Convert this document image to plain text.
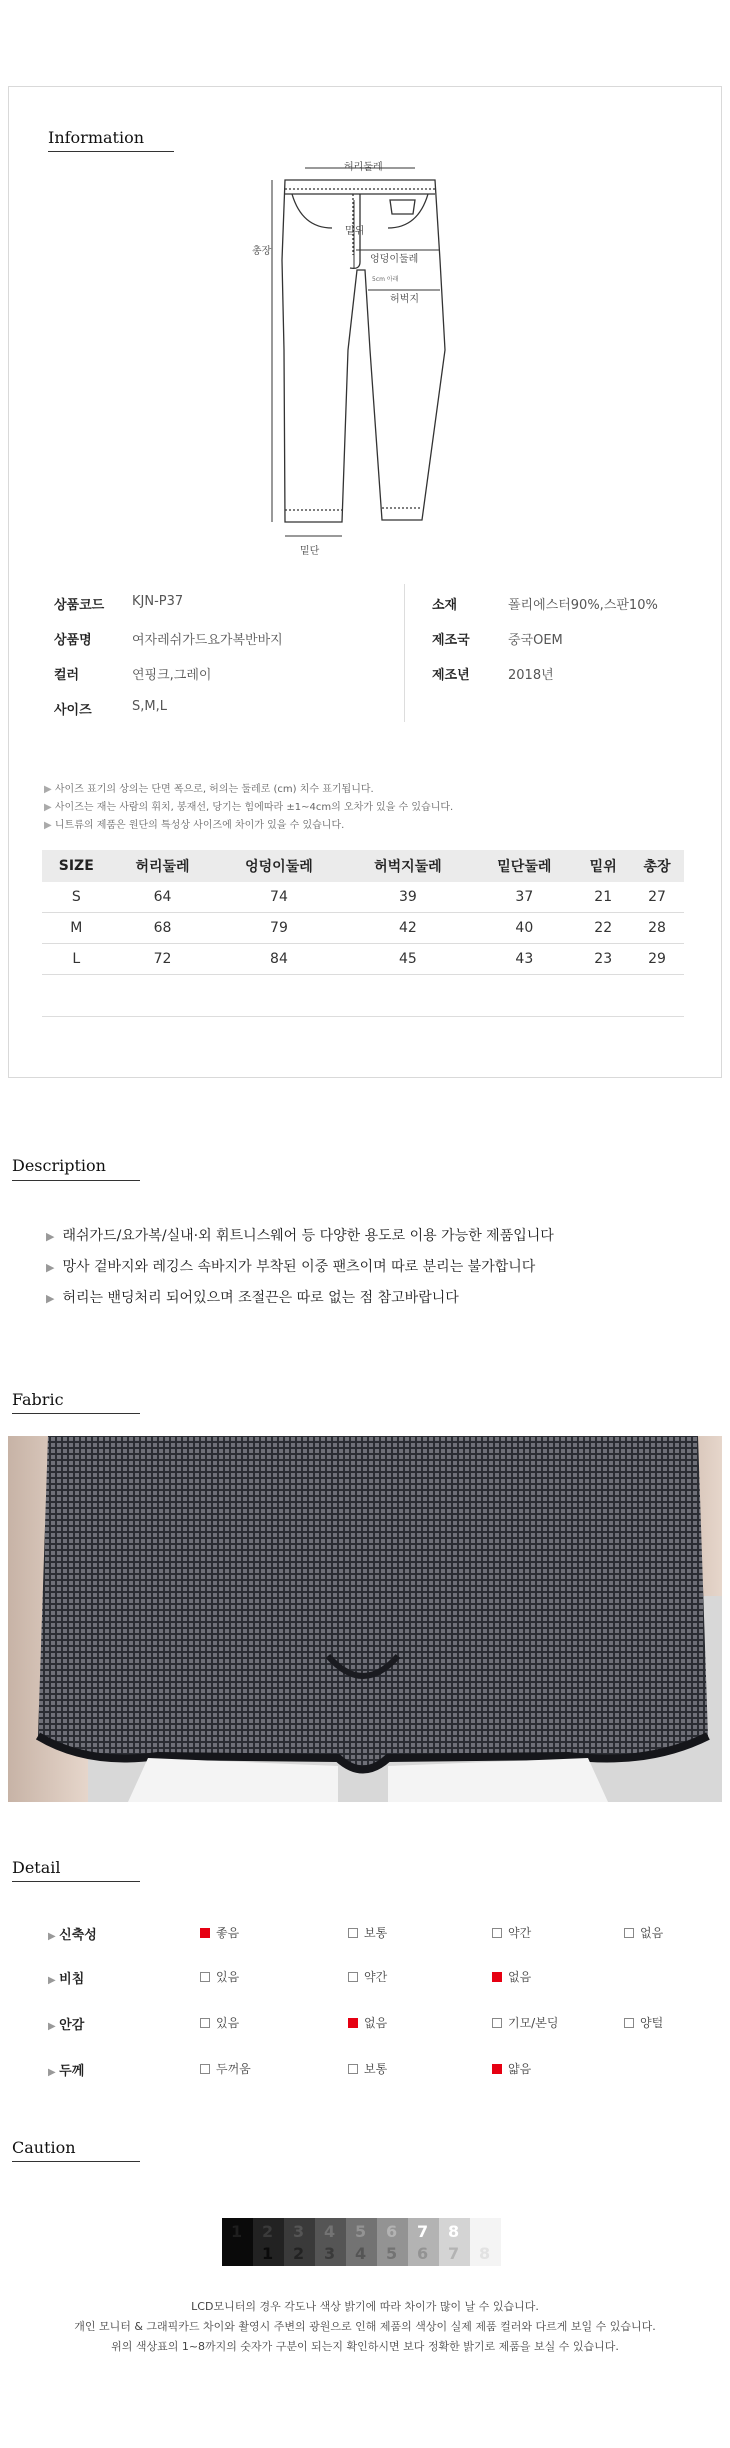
Information
허리둘레
총장
밑위
엉덩이둘레
5cm 아래
허벅지
밑단
상품코드 KJN-P37
상품명	여자레쉬가드요가복반바지
컬러	연핑크,그레이
사이즈	S,M,L
소재	폴리에스터90%,스판10%
제조국	중국OEM
제조년	2018년
▶ 사이즈 표기의 상의는 단면 폭으로, 허의는 둘레로 (cm) 치수 표기됩니다.
▶ 사이즈는 재는 사람의 휘치, 봉재선, 당기는 힘에따라 ±1~4cm의 오차가 있을 수 있습니다.
▶ 니트류의 제품은 원단의 특성상 사이즈에 차이가 있을 수 있습니다.
SIZE	허리둘레	엉덩이둘레	허벅지둘레	밑단둘레	밑위	총장
S	64	74	39	37	21	27
M	68	79	42	40	22	28
L	72	84	45	43	23	29
Description
▶ 래쉬가드/요가복/실내·외 휘트니스웨어 등 다양한 용도로 이용 가능한 제품입니다
▶ 망사 겉바지와 레깅스 속바지가 부착된 이중 팬츠이며 따로 분리는 불가합니다
▶ 허리는 밴딩처리 되어있으며 조절끈은 따로 없는 점 참고바랍니다
Fabric
Detail
▶ 신축성	좋음	보통	약간	없음
▶ 비침	있음	약간	없음
▶ 안감	있음	없음	기모/본딩	양털
▶ 두께	두꺼움	보통	얇음
Caution
1 2
1
3
2
4
3
5
4
6
5
7
6
8
7 8
LCD모니터의 경우 각도나 색상 밝기에 따라 차이가 많이 날 수 있습니다.
개인 모니터 & 그래픽카드 차이와 촬영시 주변의 광원으로 인해 제품의 색상이 실제 제품 컬러와 다르게 보일 수 있습니다.
위의 색상표의 1~8까지의 숫자가 구분이 되는지 확인하시면 보다 정확한 밝기로 제품을 보실 수 있습니다.
